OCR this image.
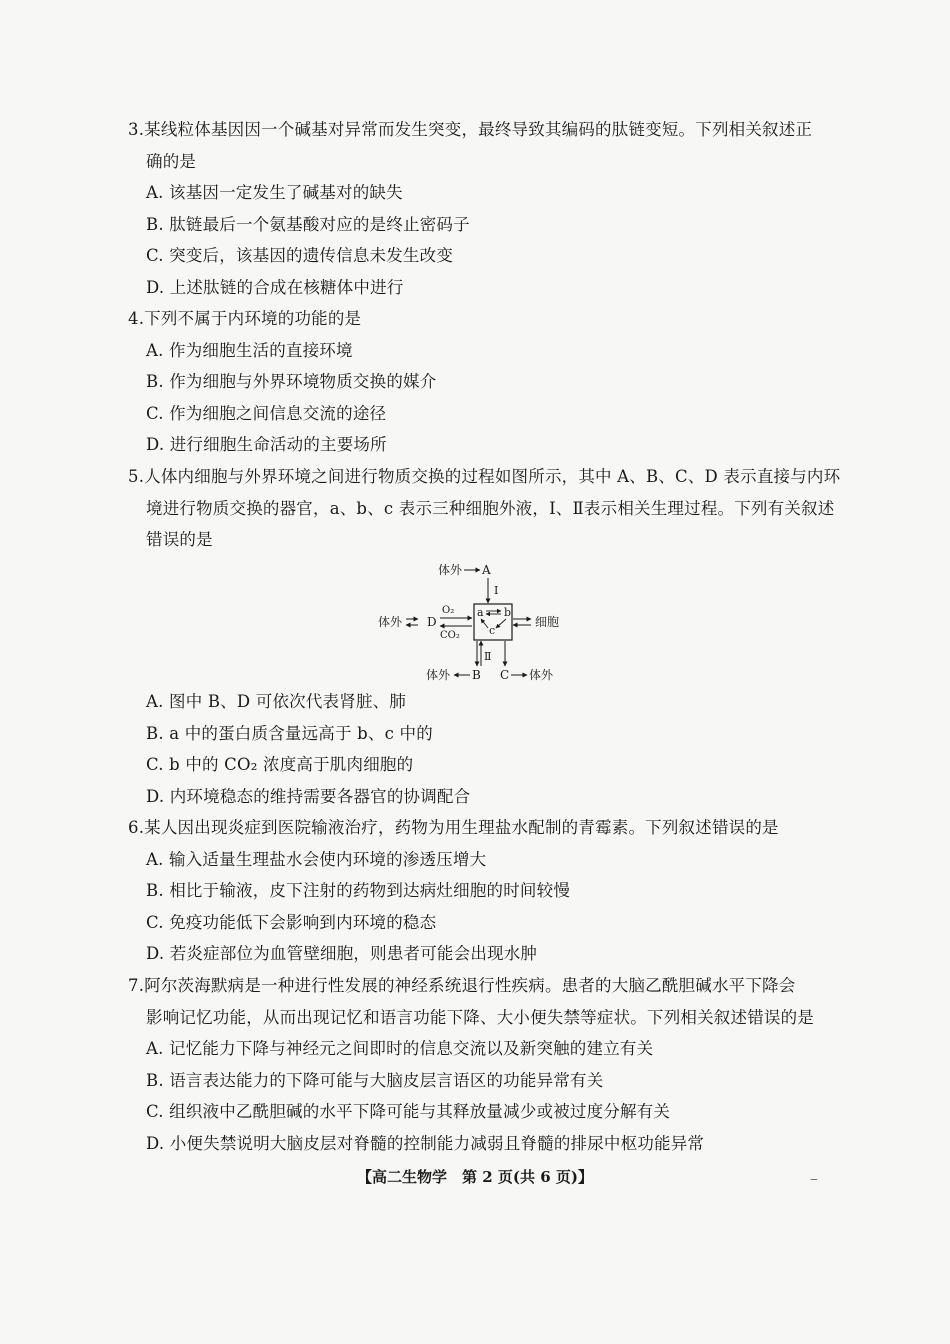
3.某线粒体基因因一个碱基对异常而发生突变，最终导致其编码的肽链变短。下列相关叙述正
确的是
A. 该基因一定发生了碱基对的缺失
B. 肽链最后一个氨基酸对应的是终止密码子
C. 突变后，该基因的遗传信息未发生改变
D. 上述肽链的合成在核糖体中进行
4.下列不属于内环境的功能的是
A. 作为细胞生活的直接环境
B. 作为细胞与外界环境物质交换的媒介
C. 作为细胞之间信息交流的途径
D. 进行细胞生命活动的主要场所
5.人体内细胞与外界环境之间进行物质交换的过程如图所示，其中 A、B、C、D 表示直接与内环
境进行物质交换的器官，a、b、c 表示三种细胞外液，Ⅰ、Ⅱ表示相关生理过程。下列有关叙述
错误的是
体外 A
Ⅰ
a b
c
体外 D
O₂
CO₂
细胞
Ⅱ
体外 B C 体外
A. 图中 B、D 可依次代表肾脏、肺
B. a 中的蛋白质含量远高于 b、c 中的
C. b 中的 CO₂ 浓度高于肌肉细胞的
D. 内环境稳态的维持需要各器官的协调配合
6.某人因出现炎症到医院输液治疗，药物为用生理盐水配制的青霉素。下列叙述错误的是
A. 输入适量生理盐水会使内环境的渗透压增大
B. 相比于输液，皮下注射的药物到达病灶细胞的时间较慢
C. 免疫功能低下会影响到内环境的稳态
D. 若炎症部位为血管壁细胞，则患者可能会出现水肿
7.阿尔茨海默病是一种进行性发展的神经系统退行性疾病。患者的大脑乙酰胆碱水平下降会
影响记忆功能，从而出现记忆和语言功能下降、大小便失禁等症状。下列相关叙述错误的是
A. 记忆能力下降与神经元之间即时的信息交流以及新突触的建立有关
B. 语言表达能力的下降可能与大脑皮层言语区的功能异常有关
C. 组织液中乙酰胆碱的水平下降可能与其释放量减少或被过度分解有关
D. 小便失禁说明大脑皮层对脊髓的控制能力减弱且脊髓的排尿中枢功能异常
【高二生物学　第 2 页(共 6 页)】	‒
